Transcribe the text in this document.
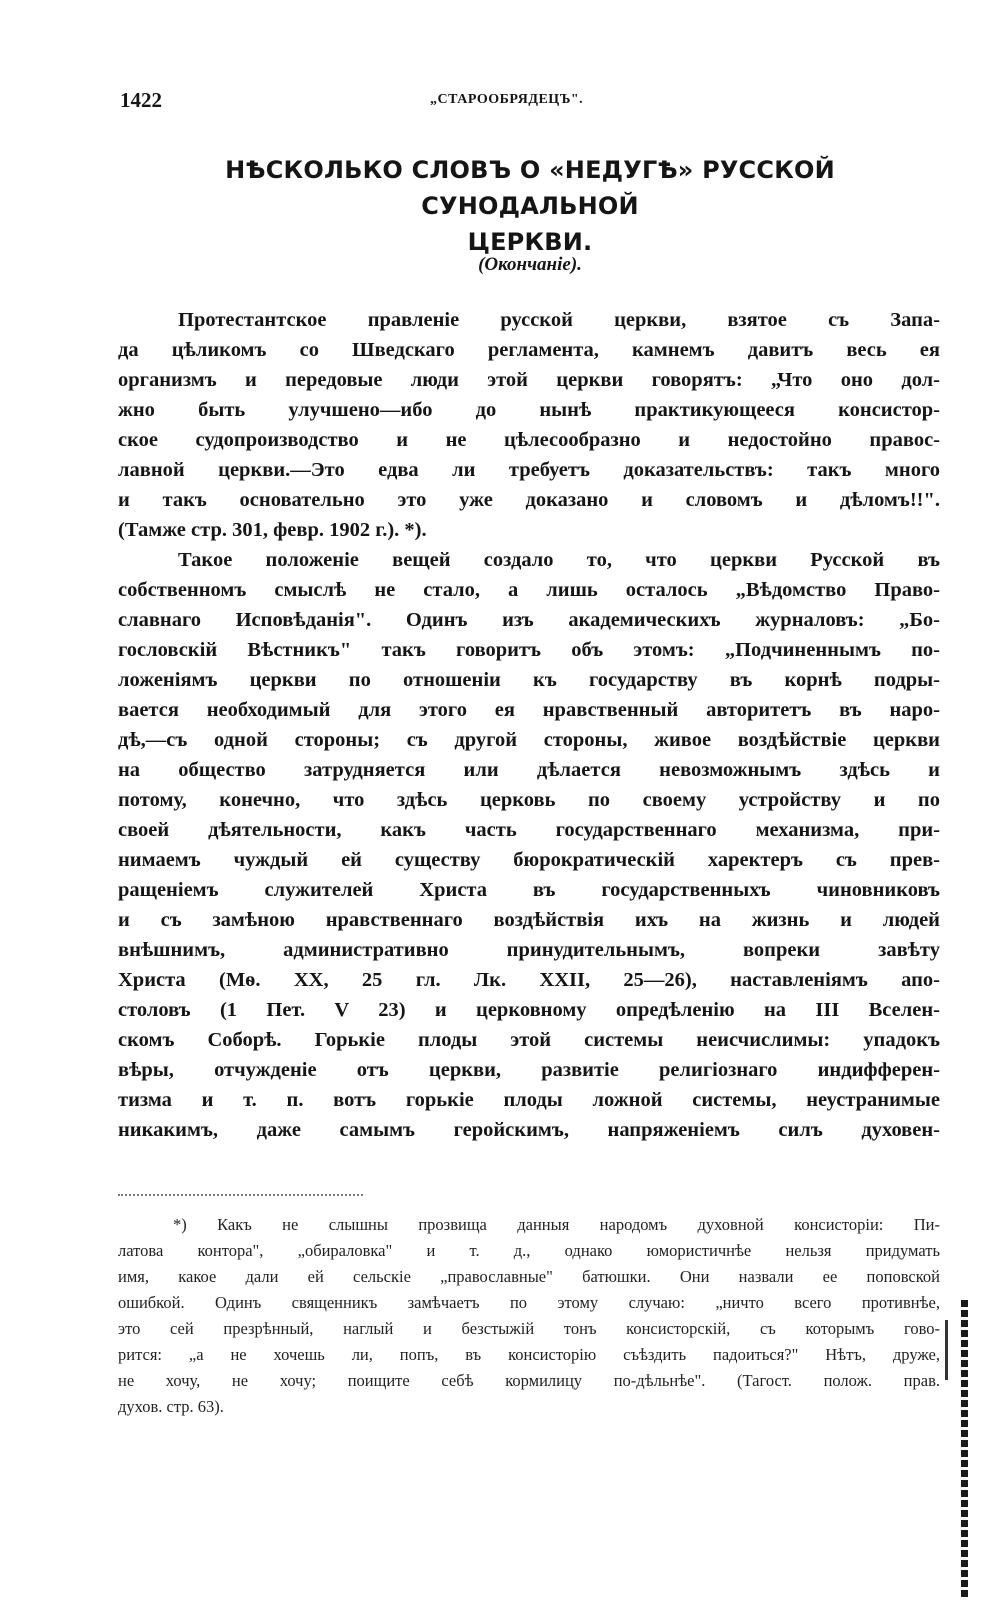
1422	„СТАРООБРЯДЕЦЪ".
НѢСКОЛЬКО СЛОВЪ О «НЕДУГѢ» РУССКОЙ СУНОДАЛЬНОЙ
ЦЕРКВИ.

(Окончаніе).

Протестантское правленіе русской церкви, взятое съ Запа-
да цѣликомъ со Шведскаго регламента, камнемъ давитъ весь ея
организмъ и передовые люди этой церкви говорятъ: „Что оно дол-
жно быть улучшено—ибо до нынѣ практикующееся консистор-
ское судопроизводство и не цѣлесообразно и недостойно правос-
лавной церкви.—Это едва ли требуетъ доказательствъ: такъ много
и такъ основательно это уже доказано и словомъ и дѣломъ!!".
(Тамже стр. 301, февр. 1902 г.). *).
Такое положеніе вещей создало то, что церкви Русской въ
собственномъ смыслѣ не стало, а лишь осталось „Вѣдомство Право-
славнаго Исповѣданія". Одинъ изъ академическихъ журналовъ: „Бо-
гословскій Вѣстникъ" такъ говоритъ объ этомъ: „Подчиненнымъ по-
ложеніямъ церкви по отношеніи къ государству въ корнѣ подры-
вается необходимый для этого ея нравственный авторитетъ въ наро-
дѣ,—съ одной стороны; съ другой стороны, живое воздѣйствіе церкви
на общество затрудняется или дѣлается невозможнымъ здѣсь и
потому, конечно, что здѣсь церковь по своему устройству и по
своей дѣятельности, какъ часть государственнаго механизма, при-
нимаемъ чуждый ей существу бюрократическій харектеръ съ прев-
ращеніемъ служителей Христа въ государственныхъ чиновниковъ
и съ замѣною нравственнаго воздѣйствія ихъ на жизнь и людей
внѣшнимъ, административно принудительнымъ, вопреки завѣту
Христа (Мѳ. XX, 25 гл. Лк. XXII, 25—26), наставленіямъ апо-
столовъ (1 Пет. V 23) и церковному опредѣленію на III Вселен-
скомъ Соборѣ. Горькіе плоды этой системы неисчислимы: упадокъ
вѣры, отчужденіе отъ церкви, развитіе религіознаго индифферен-
тизма и т. п. вотъ горькіе плоды ложной системы, неустранимые
никакимъ, даже самымъ геройскимъ, напряженіемъ силъ духовен-
*) Какъ не слышны прозвища данныя народомъ духовной консисторіи: Пи-
латова контора", „обираловка" и т. д., однако юмористичнѣе нельзя придумать
имя, какое дали ей сельскіе „православные" батюшки. Они назвали ее поповской
ошибкой. Одинъ священникъ замѣчаетъ по этому случаю: „ничто всего противнѣе,
это сей презрѣнный, наглый и безстыжій тонъ консисторскій, съ которымъ гово-
рится: „а не хочешь ли, попъ, въ консисторію съѣздить падоиться?" Нѣтъ, друже,
не хочу, не хочу; поищите себѣ кормилицу по-дѣльнѣе". (Тагост. полож. прав.
духов. стр. 63).
